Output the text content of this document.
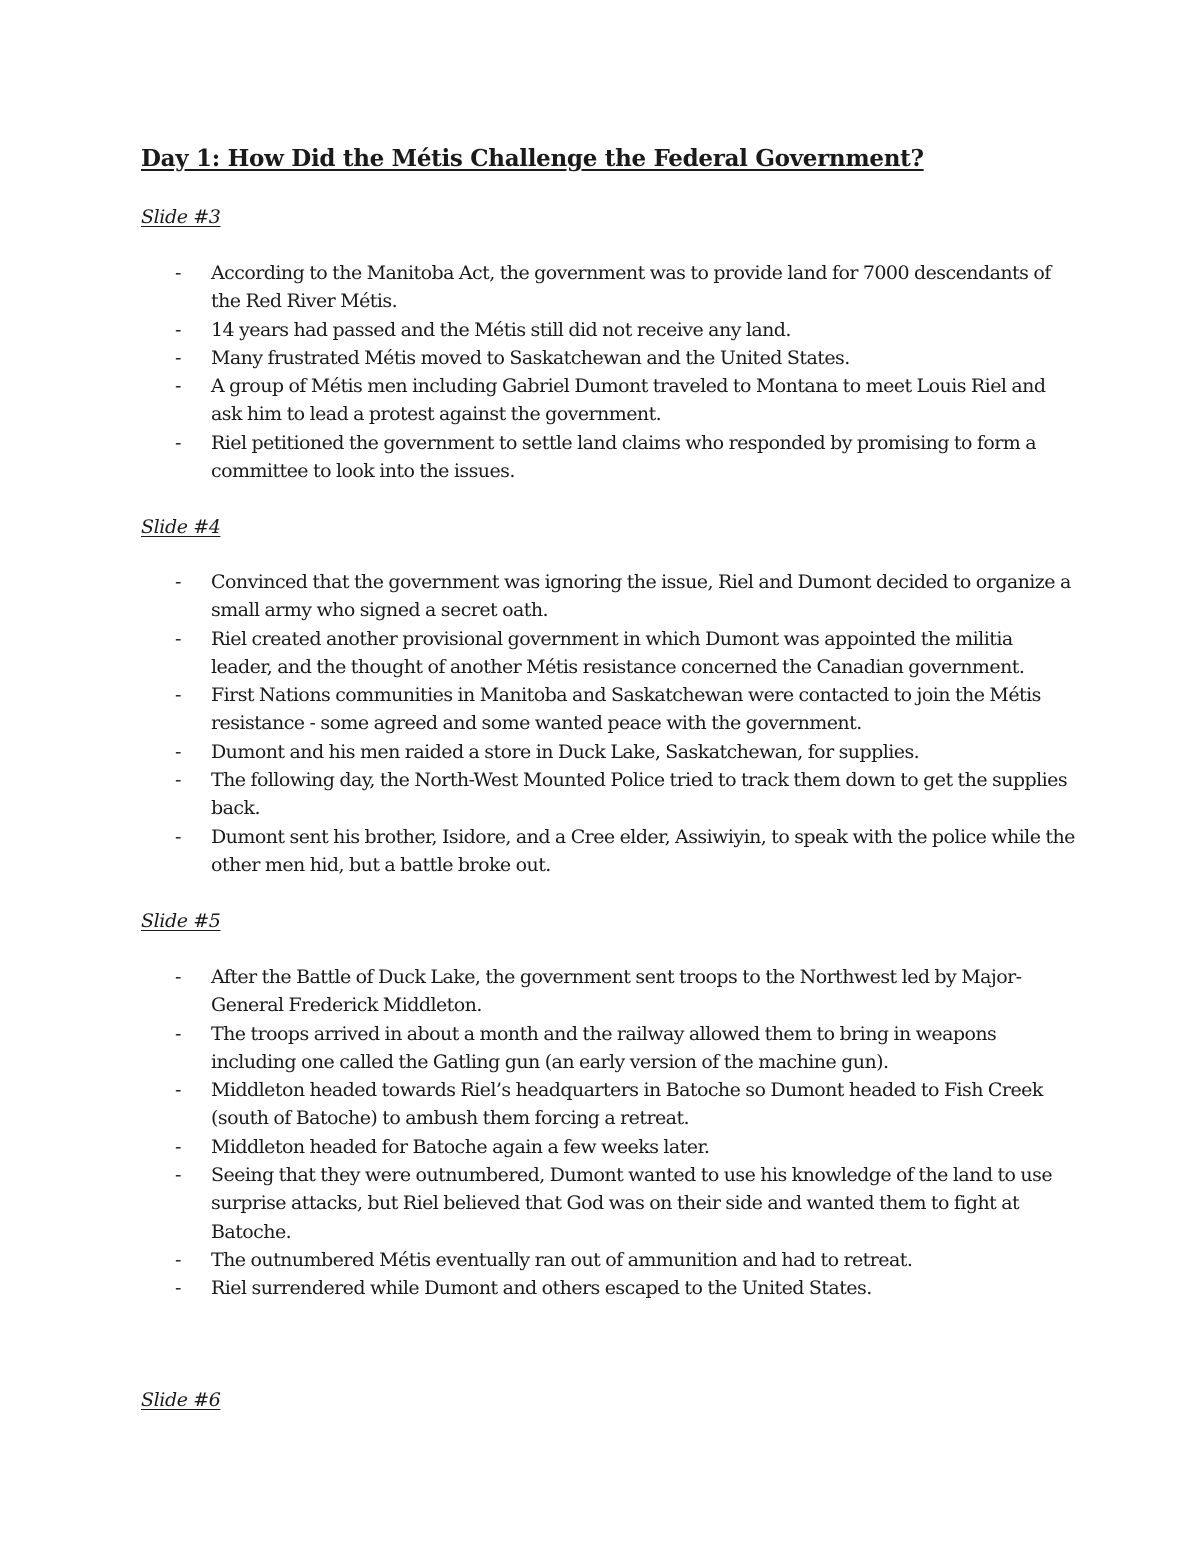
Day 1: How Did the Métis Challenge the Federal Government?

Slide #3

- According to the Manitoba Act, the government was to provide land for 7000 descendants of the Red River Métis.
- 14 years had passed and the Métis still did not receive any land.
- Many frustrated Métis moved to Saskatchewan and the United States.
- A group of Métis men including Gabriel Dumont traveled to Montana to meet Louis Riel and ask him to lead a protest against the government.
- Riel petitioned the government to settle land claims who responded by promising to form a committee to look into the issues.

Slide #4

- Convinced that the government was ignoring the issue, Riel and Dumont decided to organize a small army who signed a secret oath.
- Riel created another provisional government in which Dumont was appointed the militia leader, and the thought of another Métis resistance concerned the Canadian government.
- First Nations communities in Manitoba and Saskatchewan were contacted to join the Métis resistance - some agreed and some wanted peace with the government.
- Dumont and his men raided a store in Duck Lake, Saskatchewan, for supplies.
- The following day, the North-West Mounted Police tried to track them down to get the supplies back.
- Dumont sent his brother, Isidore, and a Cree elder, Assiwiyin, to speak with the police while the other men hid, but a battle broke out.

Slide #5

- After the Battle of Duck Lake, the government sent troops to the Northwest led by Major-General Frederick Middleton.
- The troops arrived in about a month and the railway allowed them to bring in weapons including one called the Gatling gun (an early version of the machine gun).
- Middleton headed towards Riel’s headquarters in Batoche so Dumont headed to Fish Creek (south of Batoche) to ambush them forcing a retreat.
- Middleton headed for Batoche again a few weeks later.
- Seeing that they were outnumbered, Dumont wanted to use his knowledge of the land to use surprise attacks, but Riel believed that God was on their side and wanted them to fight at Batoche.
- The outnumbered Métis eventually ran out of ammunition and had to retreat.
- Riel surrendered while Dumont and others escaped to the United States.

Slide #6
